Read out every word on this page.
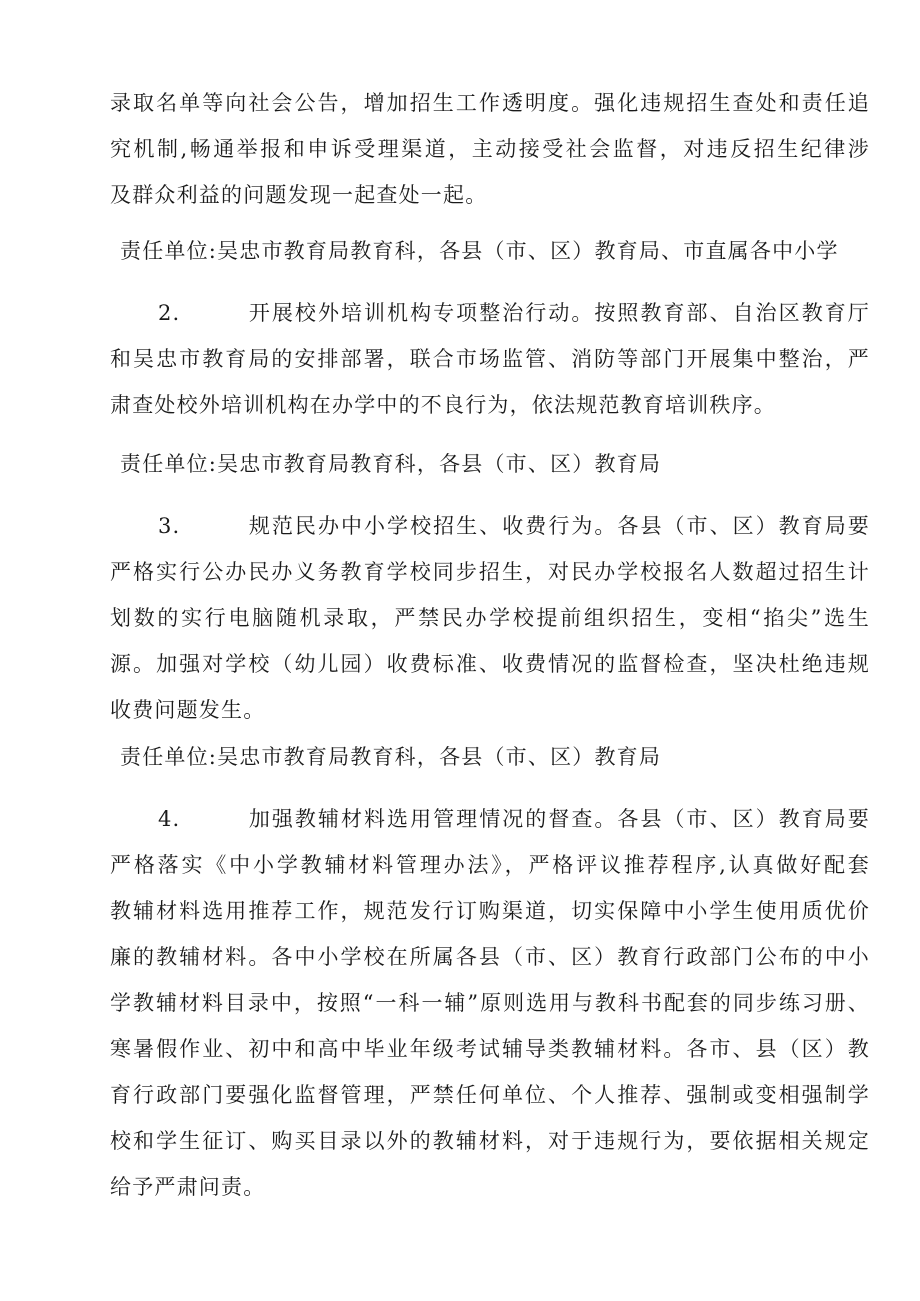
录取名单等向社会公告，增加招生工作透明度。强化违规招生查处和责任追
究机制,畅通举报和申诉受理渠道，主动接受社会监督，对违反招生纪律涉
及群众利益的问题发现一起查处一起。
责任单位:吴忠市教育局教育科，各县（市、区）教育局、市直属各中小学
2.	开展校外培训机构专项整治行动。按照教育部、自治区教育厅
和吴忠市教育局的安排部署，联合市场监管、消防等部门开展集中整治，严
肃查处校外培训机构在办学中的不良行为，依法规范教育培训秩序。
责任单位:吴忠市教育局教育科，各县（市、区）教育局
3.	规范民办中小学校招生、收费行为。各县（市、区）教育局要
严格实行公办民办义务教育学校同步招生，对民办学校报名人数超过招生计
划数的实行电脑随机录取，严禁民办学校提前组织招生，变相“掐尖”选生
源。加强对学校（幼儿园）收费标准、收费情况的监督检查，坚决杜绝违规
收费问题发生。
责任单位:吴忠市教育局教育科，各县（市、区）教育局
4.	加强教辅材料选用管理情况的督查。各县（市、区）教育局要
严格落实《中小学教辅材料管理办法》，严格评议推荐程序,认真做好配套
教辅材料选用推荐工作，规范发行订购渠道，切实保障中小学生使用质优价
廉的教辅材料。各中小学校在所属各县（市、区）教育行政部门公布的中小
学教辅材料目录中，按照“一科一辅”原则选用与教科书配套的同步练习册、
寒暑假作业、初中和高中毕业年级考试辅导类教辅材料。各市、县（区）教
育行政部门要强化监督管理，严禁任何单位、个人推荐、强制或变相强制学
校和学生征订、购买目录以外的教辅材料，对于违规行为，要依据相关规定
给予严肃问责。
